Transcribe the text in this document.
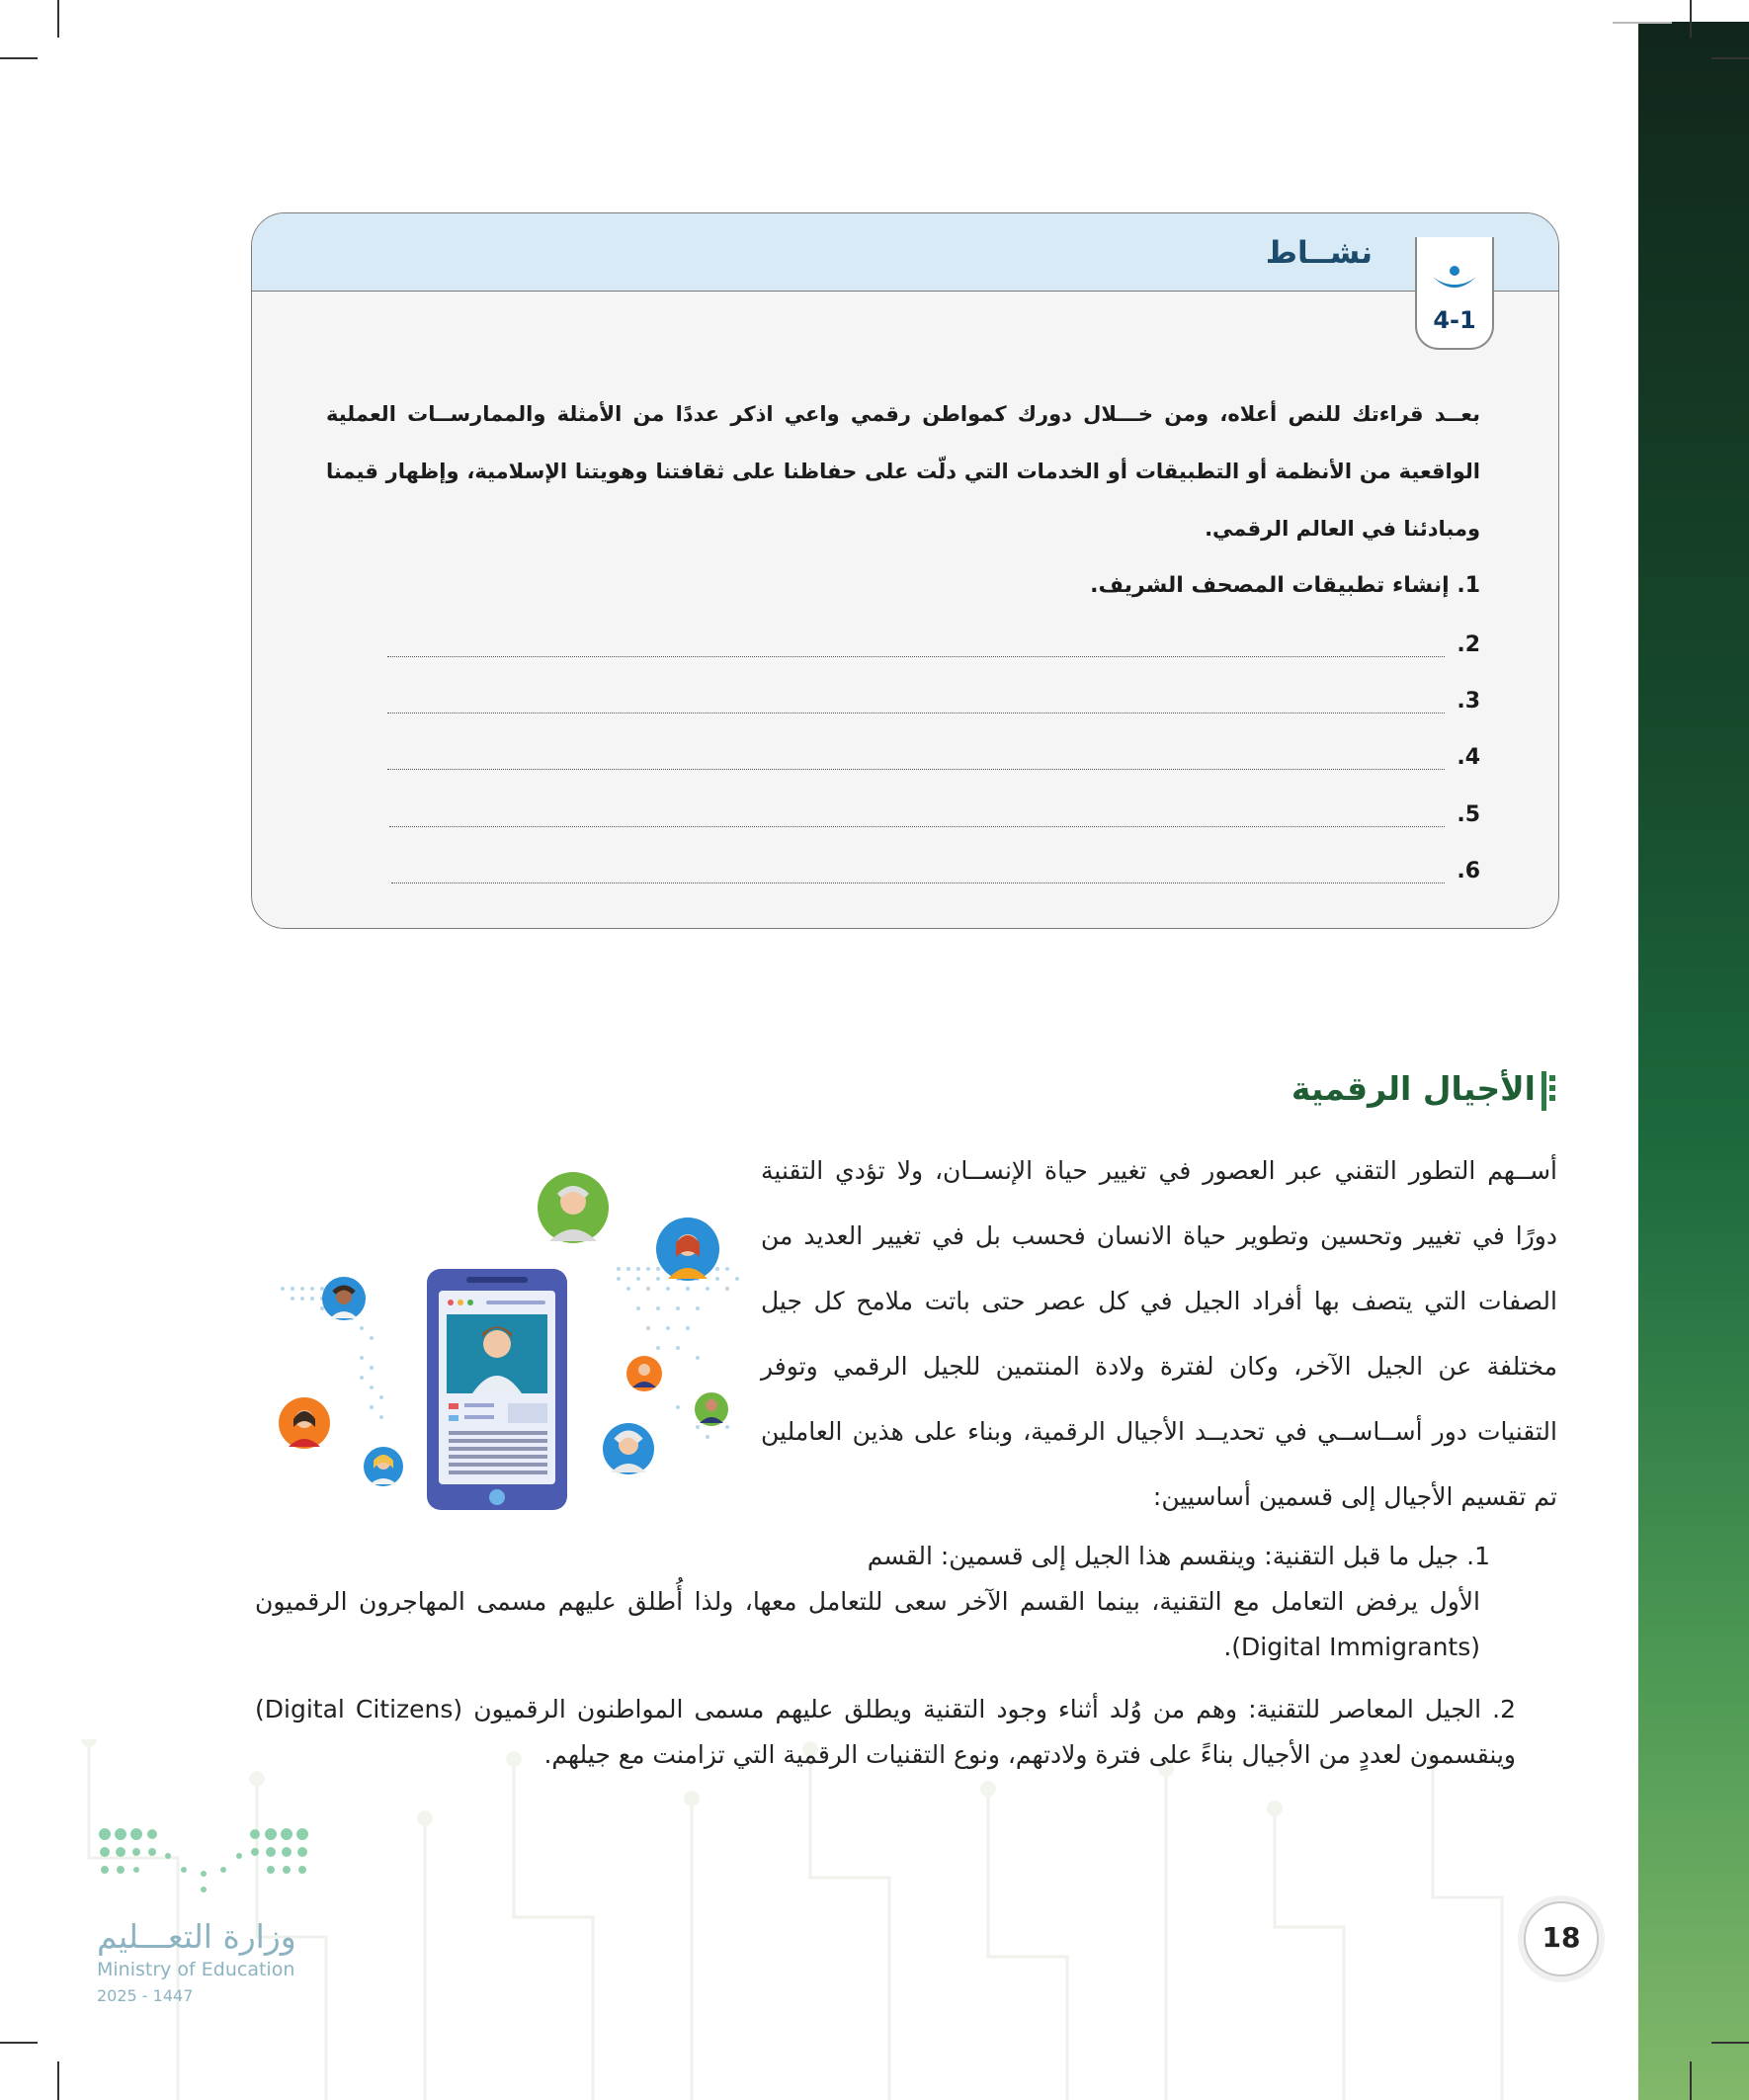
نشــاط
4-1
بعــد قراءتك للنص أعلاه، ومن خـــلال دورك كمواطن رقمي واعي اذكر عددًا من الأمثلة والممارســات العملية الواقعية من الأنظمة أو التطبيقات أو الخدمات التي دلّت على حفاظنا على ثقافتنا وهويتنا الإسلامية، وإظهار قيمنا ومبادئنا في العالم الرقمي.
1. إنشاء تطبيقات المصحف الشريف.
2.
3.
4.
5.
6.
الأجيال الرقمية
أســهم التطور التقني عبر العصور في تغيير حياة الإنســان، ولا تؤدي التقنية دورًا في تغيير وتحسين وتطوير حياة الانسان فحسب بل في تغيير العديد من الصفات التي يتصف بها أفراد الجيل في كل عصر حتى باتت ملامح كل جيل مختلفة عن الجيل الآخر، وكان لفترة ولادة المنتمين للجيل الرقمي وتوفر التقنيات دور أســاســي في تحديــد الأجيال الرقمية، وبناء على هذين العاملين تم تقسيم الأجيال إلى قسمين أساسيين:
1. جيل ما قبل التقنية: وينقسم هذا الجيل إلى قسمين: القسم
الأول يرفض التعامل مع التقنية، بينما القسم الآخر سعى للتعامل معها، ولذا أُطلق عليهم مسمى المهاجرون الرقميون (Digital Immigrants).
2. الجيل المعاصر للتقنية: وهم من وُلد أثناء وجود التقنية ويطلق عليهم مسمى المواطنون الرقميون (Digital Citizens) وينقسمون لعددٍ من الأجيال بناءً على فترة ولادتهم، ونوع التقنيات الرقمية التي تزامنت مع جيلهم.
وزارة التعـــليم
Ministry of Education
2025 - 1447
18
